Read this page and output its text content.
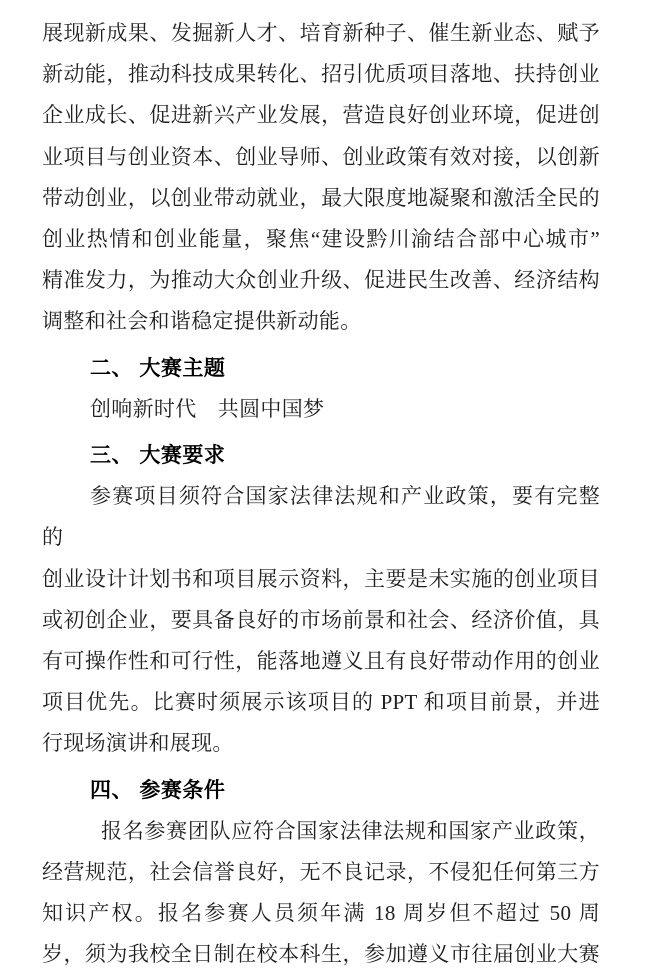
展现新成果、发掘新人才、培育新种子、催生新业态、赋予
新动能，推动科技成果转化、招引优质项目落地、扶持创业
企业成长、促进新兴产业发展，营造良好创业环境，促进创
业项目与创业资本、创业导师、创业政策有效对接，以创新
带动创业，以创业带动就业，最大限度地凝聚和激活全民的
创业热情和创业能量，聚焦“建设黔川渝结合部中心城市”
精准发力，为推动大众创业升级、促进民生改善、经济结构
调整和社会和谐稳定提供新动能。
二、 大赛主题
创响新时代　共圆中国梦
三、 大赛要求
参赛项目须符合国家法律法规和产业政策，要有完整的
创业设计计划书和项目展示资料，主要是未实施的创业项目
或初创企业，要具备良好的市场前景和社会、经济价值，具
有可操作性和可行性，能落地遵义且有良好带动作用的创业
项目优先。比赛时须展示该项目的 PPT 和项目前景，并进
行现场演讲和展现。
四、 参赛条件
报名参赛团队应符合国家法律法规和国家产业政策，
经营规范，社会信誉良好，无不良记录，不侵犯任何第三方
知识产权。报名参赛人员须年满 18 周岁但不超过 50 周
岁，须为我校全日制在校本科生，参加遵义市往届创业大赛
